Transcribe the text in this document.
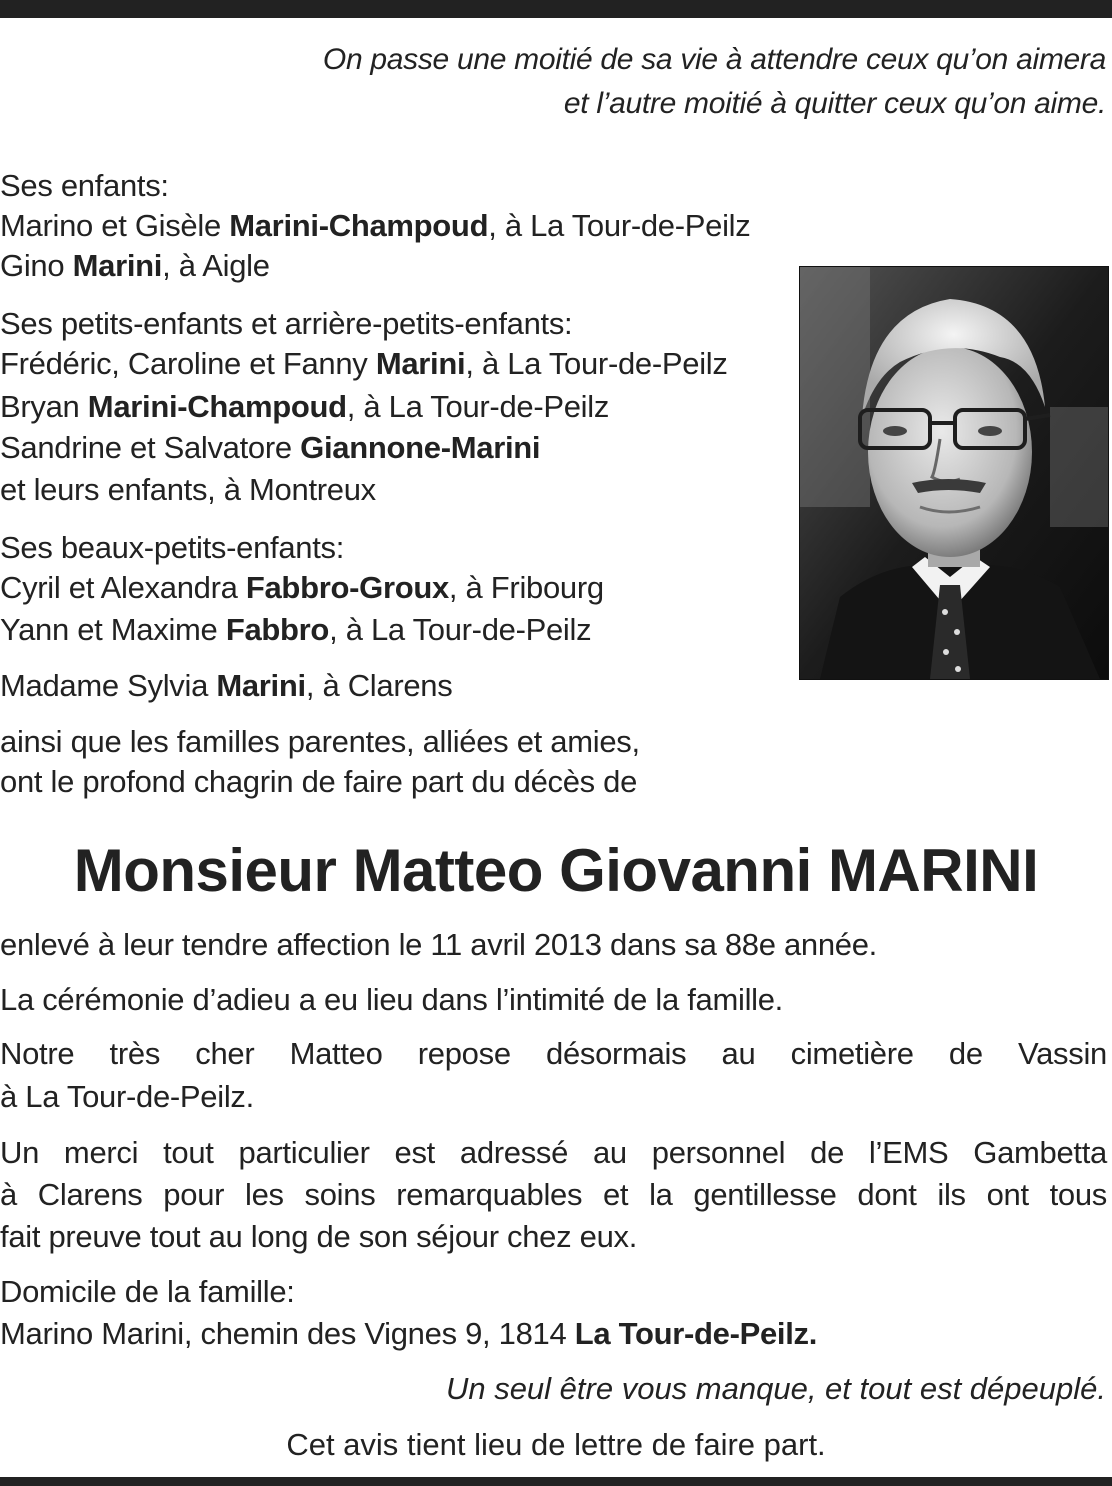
On passe une moitié de sa vie à attendre ceux qu’on aimera
et l’autre moitié à quitter ceux qu’on aime.
Ses enfants:
Marino et Gisèle Marini-Champoud, à La Tour-de-Peilz
Gino Marini, à Aigle
Ses petits-enfants et arrière-petits-enfants:
Frédéric, Caroline et Fanny Marini, à La Tour-de-Peilz
Bryan Marini-Champoud, à La Tour-de-Peilz
Sandrine et Salvatore Giannone-Marini
et leurs enfants, à Montreux
Ses beaux-petits-enfants:
Cyril et Alexandra Fabbro-Groux, à Fribourg
Yann et Maxime Fabbro, à La Tour-de-Peilz
Madame Sylvia Marini, à Clarens
ainsi que les familles parentes, alliées et amies,
ont le profond chagrin de faire part du décès de
Monsieur Matteo Giovanni MARINI
enlevé à leur tendre affection le 11 avril 2013 dans sa 88e année.
La cérémonie d’adieu a eu lieu dans l’intimité de la famille.
Notre très cher Matteo repose désormais au cimetière de Vassin
à La Tour-de-Peilz.
Un merci tout particulier est adressé au personnel de l’EMS Gambetta
à Clarens pour les soins remarquables et la gentillesse dont ils ont tous
fait preuve tout au long de son séjour chez eux.
Domicile de la famille:
Marino Marini, chemin des Vignes 9, 1814 La Tour-de-Peilz.
Un seul être vous manque, et tout est dépeuplé.
Cet avis tient lieu de lettre de faire part.
